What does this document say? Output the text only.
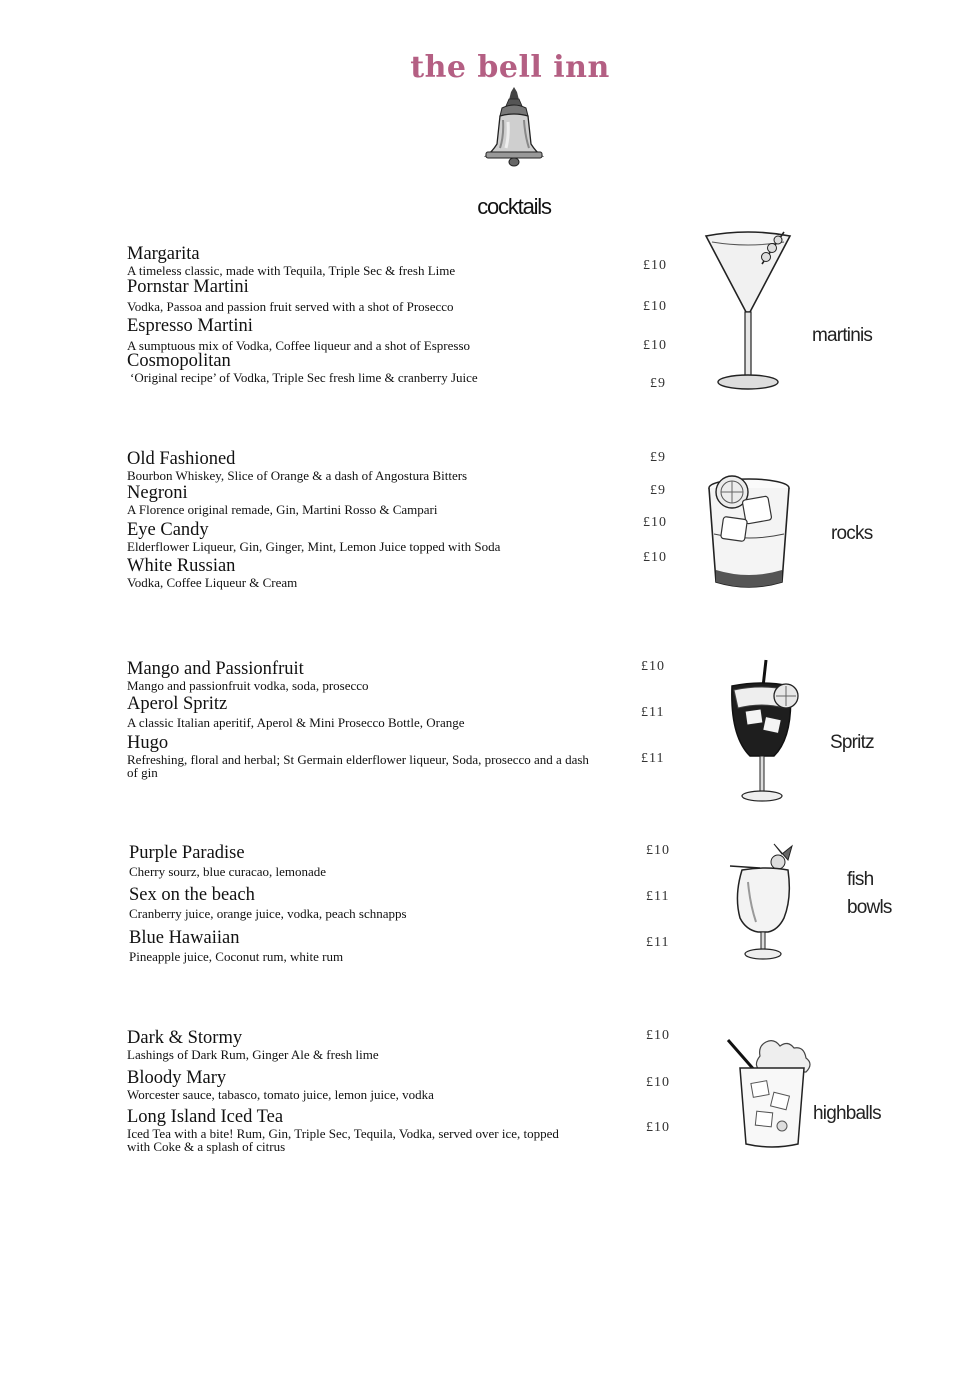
the bell inn
cocktails
Margarita
A timeless classic, made with Tequila, Triple Sec & fresh Lime
Pornstar Martini
Vodka, Passoa and passion fruit served with a shot of Prosecco
Espresso Martini
A sumptuous mix of Vodka, Coffee liqueur and a shot of Espresso
Cosmopolitan
‘Original recipe’ of Vodka, Triple Sec fresh lime & cranberry Juice
£10
£10
£10
£9
martinis
Old Fashioned
Bourbon Whiskey, Slice of Orange & a dash of Angostura Bitters
Negroni
A Florence original remade, Gin, Martini Rosso & Campari
Eye Candy
Elderflower Liqueur, Gin, Ginger, Mint, Lemon Juice topped with Soda
White Russian
Vodka, Coffee Liqueur & Cream
£9
£9
£10
£10
rocks
Mango and Passionfruit
Mango and passionfruit vodka, soda, prosecco
Aperol Spritz
A classic Italian aperitif, Aperol & Mini Prosecco Bottle, Orange
Hugo
Refreshing, floral and herbal; St Germain elderflower liqueur, Soda, prosecco and a dash of gin
£10
£11
£11
Spritz
Purple Paradise
Cherry sourz, blue curacao, lemonade
Sex on the beach
Cranberry juice, orange juice, vodka, peach schnapps
Blue Hawaiian
Pineapple juice, Coconut rum, white rum
£10
£11
£11
fish bowls
Dark & Stormy
Lashings of Dark Rum, Ginger Ale & fresh lime
Bloody Mary
Worcester sauce, tabasco, tomato juice, lemon juice, vodka
Long Island Iced Tea
Iced Tea with a bite! Rum, Gin, Triple Sec, Tequila, Vodka, served over ice, topped with Coke & a splash of citrus
£10
£10
£10
highballs
